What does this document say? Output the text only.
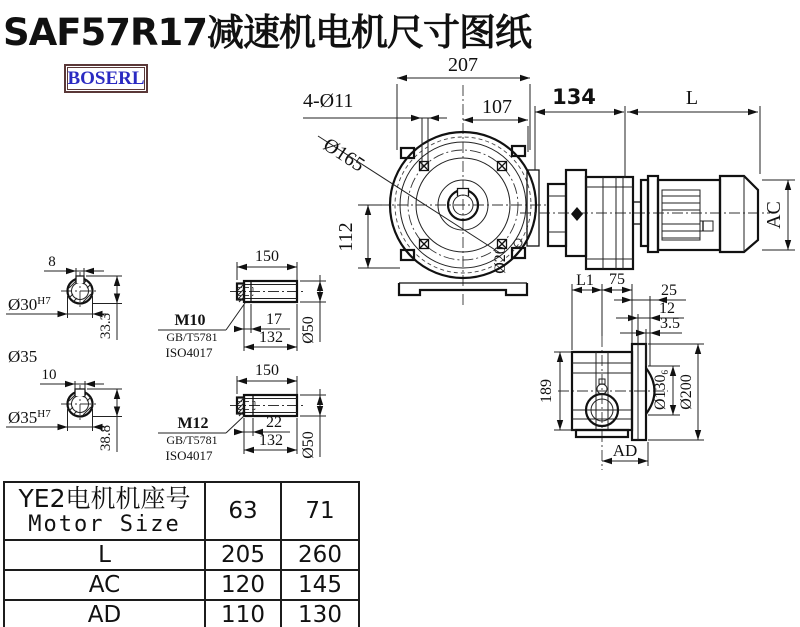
207
107
4-Ø11
Ø165
112
Ø20
134	L
AC
L1 75
25
12
3.5
189	Ø1306
Ø200
AD
150
17
132 Ø50
M10
GB/T5781
ISO4017
150
22
132 Ø50
M12
GB/T5781
ISO4017
8
$Ø30^{H7}$
33.3
Ø35
10
$Ø35^{H7}$
38.8
SAF57R17减速机电机尺寸图纸
BOSERL
YE2电机机座号
Motor Size	63	71
L	205	260
AC	120	145
AD	110	130
